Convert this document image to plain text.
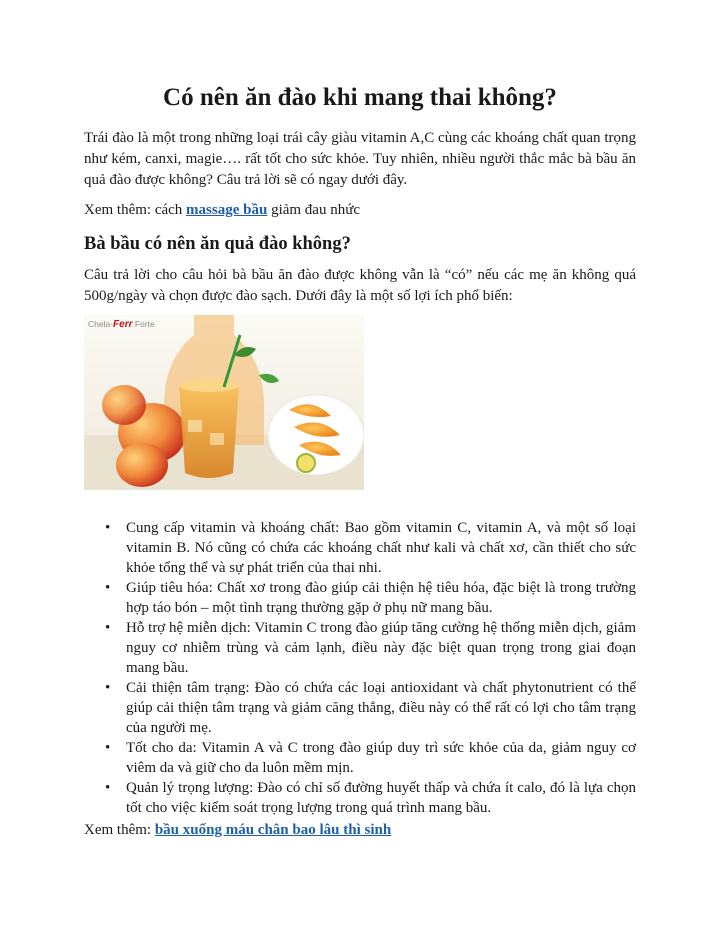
Có nên ăn đào khi mang thai không?

Trái đào là một trong những loại trái cây giàu vitamin A,C cùng các khoáng chất quan trọng như kém, canxi, magie…. rất tốt cho sức khỏe. Tuy nhiên, nhiều người thắc mắc bà bầu ăn quả đào được không? Câu trả lời sẽ có ngay dưới đây.

Xem thêm: cách massage bầu giảm đau nhức

Bà bầu có nên ăn quả đào không?

Câu trả lời cho câu hỏi bà bầu ăn đào được không vẫn là “có” nếu các mẹ ăn không quá 500g/ngày và chọn được đào sạch. Dưới đây là một số lợi ích phổ biến:

Chela-Ferr Forte
• Cung cấp vitamin và khoáng chất: Bao gồm vitamin C, vitamin A, và một số loại vitamin B. Nó cũng có chứa các khoáng chất như kali và chất xơ, cần thiết cho sức khỏe tổng thể và sự phát triển của thai nhi.
• Giúp tiêu hóa: Chất xơ trong đào giúp cải thiện hệ tiêu hóa, đặc biệt là trong trường hợp táo bón – một tình trạng thường gặp ở phụ nữ mang bầu.
• Hỗ trợ hệ miễn dịch: Vitamin C trong đào giúp tăng cường hệ thống miễn dịch, giảm nguy cơ nhiễm trùng và cảm lạnh, điều này đặc biệt quan trọng trong giai đoạn mang bầu.
• Cải thiện tâm trạng: Đào có chứa các loại antioxidant và chất phytonutrient có thể giúp cải thiện tâm trạng và giảm căng thẳng, điều này có thể rất có lợi cho tâm trạng của người mẹ.
• Tốt cho da: Vitamin A và C trong đào giúp duy trì sức khỏe của da, giảm nguy cơ viêm da và giữ cho da luôn mềm mịn.
• Quản lý trọng lượng: Đào có chỉ số đường huyết thấp và chứa ít calo, đó là lựa chọn tốt cho việc kiểm soát trọng lượng trong quá trình mang bầu.

Xem thêm: bầu xuống máu chân bao lâu thì sinh
